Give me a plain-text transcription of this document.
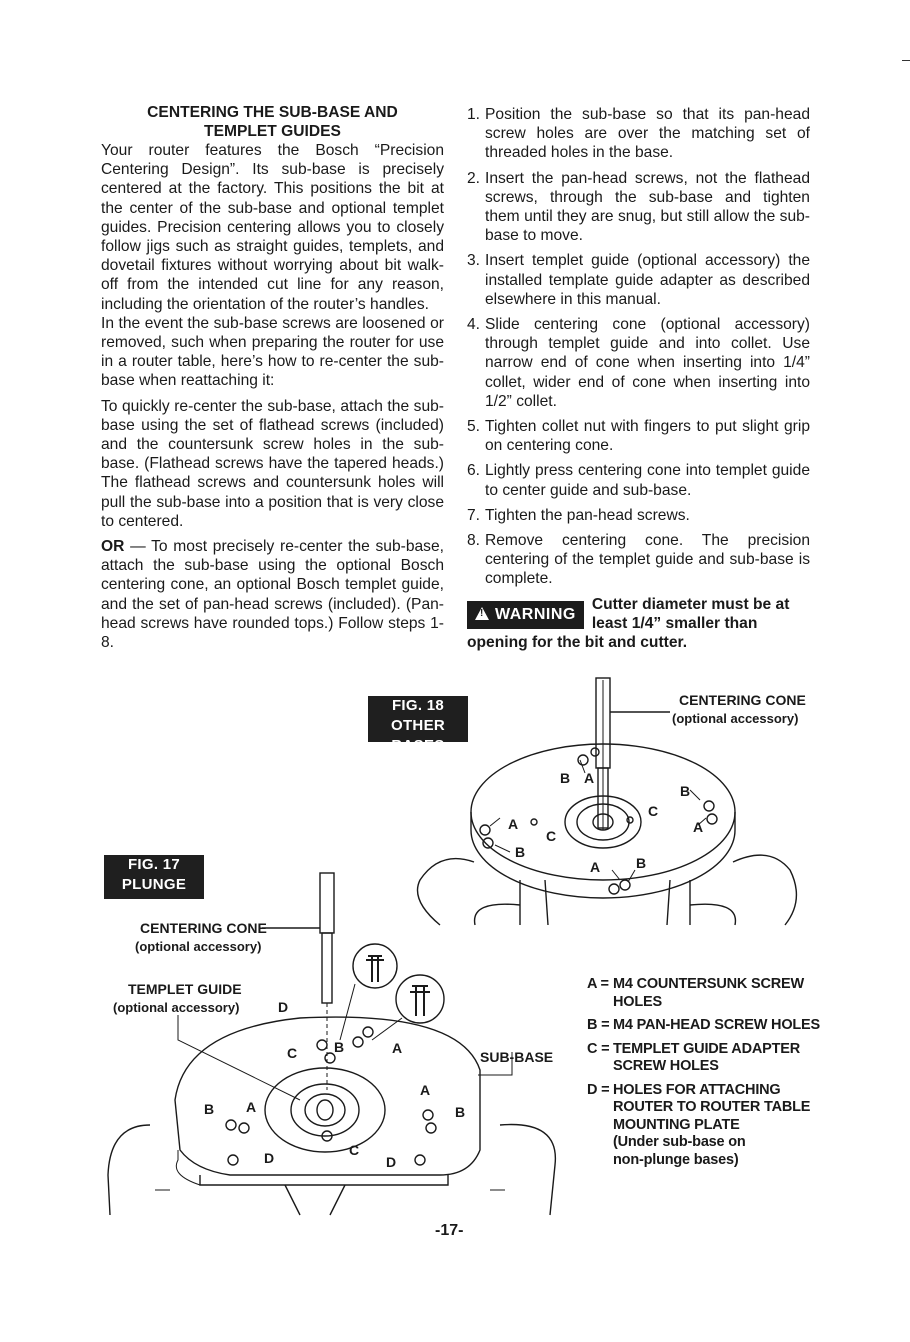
CENTERING THE SUB-BASE AND
TEMPLET GUIDES

Your router features the Bosch “Precision Centering Design”. Its sub-base is precisely centered at the factory. This positions the bit at the center of the sub-base and optional templet guides. Precision centering allows you to closely follow jigs such as straight guides, templets, and dovetail fixtures without worrying about bit walk-off from the intended cut line for any reason, including the orientation of the router’s handles.

In the event the sub-base screws are loosened or removed, such when preparing the router for use in a router table, here’s how to re-center the sub-base when reattaching it:

To quickly re-center the sub-base, attach the sub-base using the set of flathead screws (included) and the countersunk screw holes in the sub-base. (Flathead screws have the tapered heads.) The flathead screws and countersunk holes will pull the sub-base into a position that is very close to centered.

OR — To most precisely re-center the sub-base, attach the sub-base using the optional Bosch centering cone, an optional Bosch templet guide, and the set of pan-head screws (included). (Pan-head screws have rounded tops.) Follow steps 1-8.

1. Position the sub-base so that its pan-head screw holes are over the matching set of threaded holes in the base.
2. Insert the pan-head screws, not the flathead screws, through the sub-base and tighten them until they are snug, but still allow the sub-base to move.
3. Insert templet guide (optional accessory) the installed template guide adapter as described elsewhere in this manual.
4. Slide centering cone (optional accessory) through templet guide and into collet. Use narrow end of cone when inserting into 1/4” collet, wider end of cone when inserting into 1/2” collet.
5. Tighten collet nut with fingers to put slight grip on centering cone.
6. Lightly press centering cone into templet guide to center guide and sub-base.
7. Tighten the pan-head screws.
8. Remove centering cone. The precision centering of the templet guide and sub-base is complete.
! WARNING
Cutter diameter must be at least 1/4” smaller than opening for the bit and cutter.
FIG. 18
OTHER BASES
FIG. 17
PLUNGE BASE
CENTERING CONE
(optional accessory)
B A
A
C
B
C
B
A
A	B
CENTERING CONE
(optional accessory)
TEMPLET GUIDE
(optional accessory)
SUB-BASE
D
C	B	A
B A
A
B
D	C
D
A = M4 COUNTERSUNK SCREW
HOLES
B = M4 PAN-HEAD SCREW HOLES
C = TEMPLET GUIDE ADAPTER
SCREW HOLES
D = HOLES FOR ATTACHING
ROUTER TO ROUTER TABLE
MOUNTING PLATE
(Under sub-base on
non-plunge bases)
-17-
